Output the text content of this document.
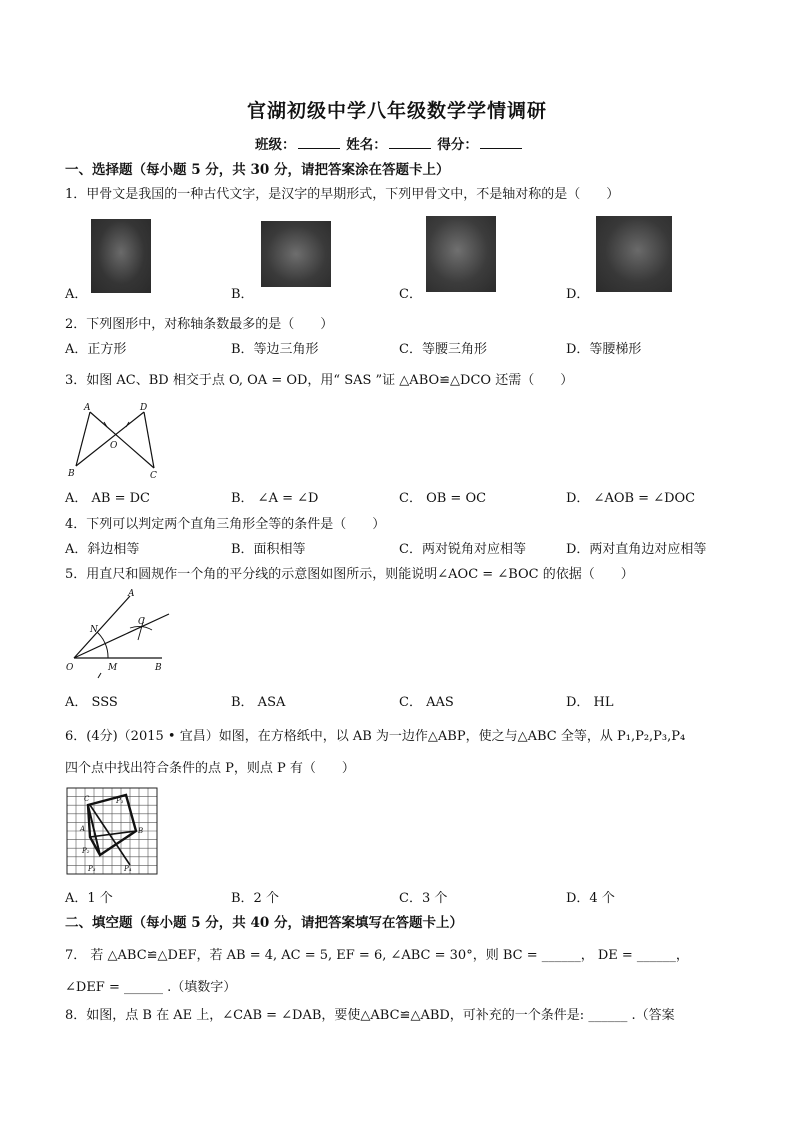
官湖初级中学八年级数学学情调研
班级：	姓名：	得分：
一、选择题（每小题 5 分，共 30 分，请把答案涂在答题卡上）
1．甲骨文是我国的一种古代文字，是汉字的早期形式，下列甲骨文中，不是轴对称的是（　　）
A．	B．	C．	D．
2．下列图形中，对称轴条数最多的是（　　）
A．正方形	B．等边三角形	C．等腰三角形	D．等腰梯形
3．如图 AC、BD 相交于点 O, OA = OD，用“ SAS ”证 △ABO≌△DCO 还需（　　）
A	D
O
B	C
A． AB = DC	B． ∠A = ∠D	C． OB = OC	D． ∠AOB = ∠DOC
4．下列可以判定两个直角三角形全等的条件是（　　）
A．斜边相等	B．面积相等	C．两对锐角对应相等	D．两对直角边对应相等
5．用直尺和圆规作一个角的平分线的示意图如图所示，则能说明∠AOC = ∠BOC 的依据（　　）
A
C
N
O	M	B
A． SSS	B． ASA	C． AAS	D． HL
6．(4分)（2015 • 宜昌）如图，在方格纸中，以 AB 为一边作△ABP，使之与△ABC 全等，从 P₁,P₂,P₃,P₄
四个点中找出符合条件的点 P，则点 P 有（　　）
C	P₁
A	B
P₂
P₃	P₄
A．1 个	B．2 个	C．3 个	D．4 个
二、填空题（每小题 5 分，共 40 分，请把答案填写在答题卡上）
7． 若 △ABC≌△DEF，若 AB = 4, AC = 5, EF = 6, ∠ABC = 30°，则 BC = ______， DE = ______，
∠DEF = ______ .（填数字）
8．如图，点 B 在 AE 上，∠CAB = ∠DAB，要使△ABC≌△ABD，可补充的一个条件是: ______ .（答案
